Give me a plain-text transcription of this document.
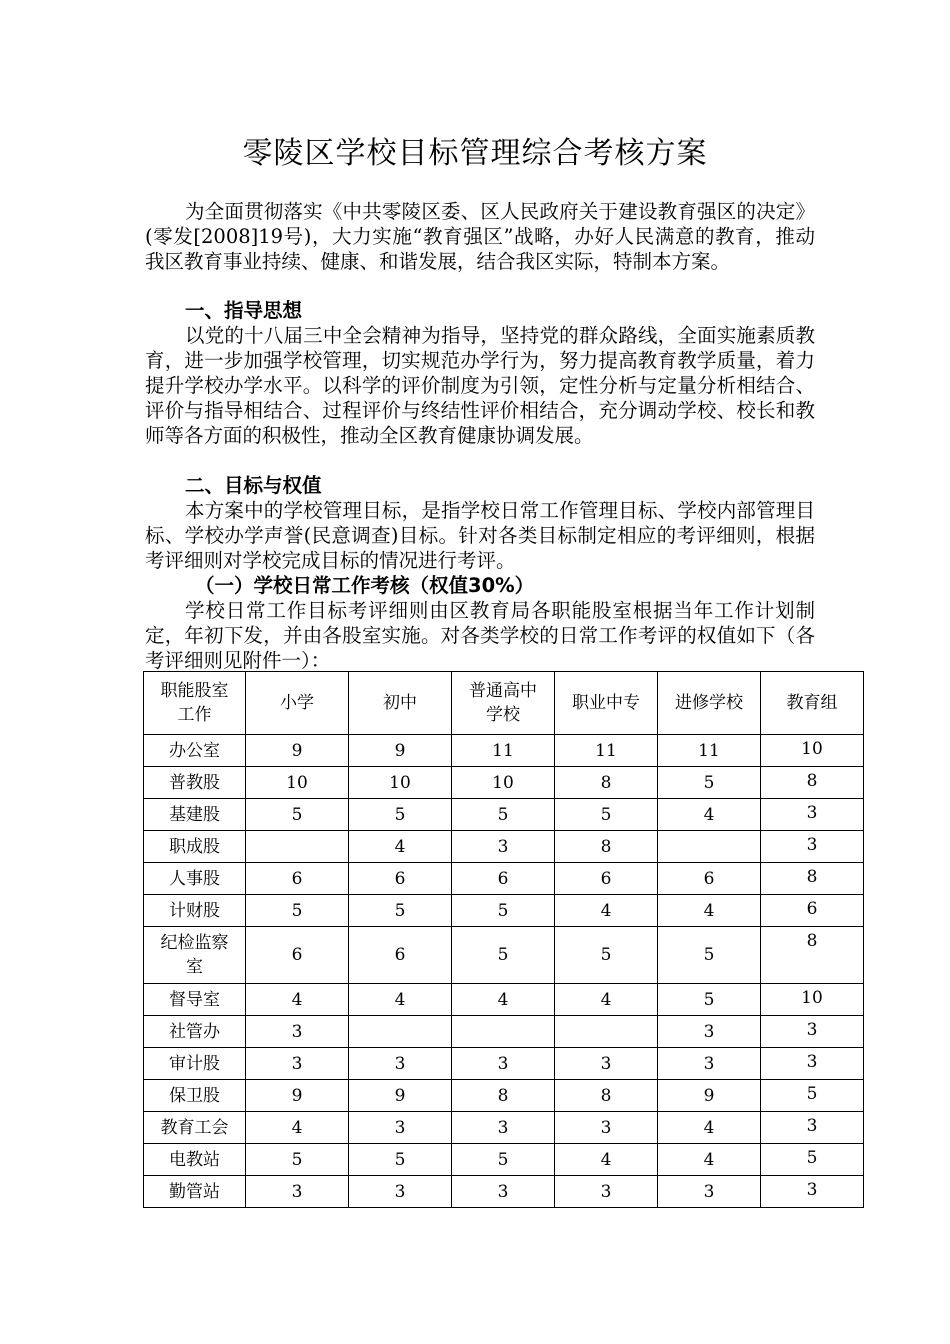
零陵区学校目标管理综合考核方案

为全面贯彻落实《中共零陵区委、区人民政府关于建设教育强区的决定》(零发[2008]19号)，大力实施“教育强区”战略，办好人民满意的教育，推动我区教育事业持续、健康、和谐发展，结合我区实际，特制本方案。

一、指导思想

以党的十八届三中全会精神为指导，坚持党的群众路线，全面实施素质教育，进一步加强学校管理，切实规范办学行为，努力提高教育教学质量，着力提升学校办学水平。以科学的评价制度为引领，定性分析与定量分析相结合、评价与指导相结合、过程评价与终结性评价相结合，充分调动学校、校长和教师等各方面的积极性，推动全区教育健康协调发展。

二、目标与权值

本方案中的学校管理目标，是指学校日常工作管理目标、学校内部管理目标、学校办学声誉(民意调查)目标。针对各类目标制定相应的考评细则，根据考评细则对学校完成目标的情况进行考评。

（一）学校日常工作考核（权值30%）

学校日常工作目标考评细则由区教育局各职能股室根据当年工作计划制定，年初下发，并由各股室实施。对各类学校的日常工作考评的权值如下（各考评细则见附件一）：

职能股室工作	小学	初中	普通高中学校	职业中专	进修学校	教育组
办公室	9	9	11	11	11	10
普教股	10	10	10	8	5	8
基建股	5	5	5	5	4	3
职成股		4	3	8		3
人事股	6	6	6	6	6	8
计财股	5	5	5	4	4	6
纪检监察室	6	6	5	5	5	8
督导室	4	4	4	4	5	10
社管办	3				3	3
审计股	3	3	3	3	3	3
保卫股	9	9	8	8	9	5
教育工会	4	3	3	3	4	3
电教站	5	5	5	4	4	5
勤管站	3	3	3	3	3	3
